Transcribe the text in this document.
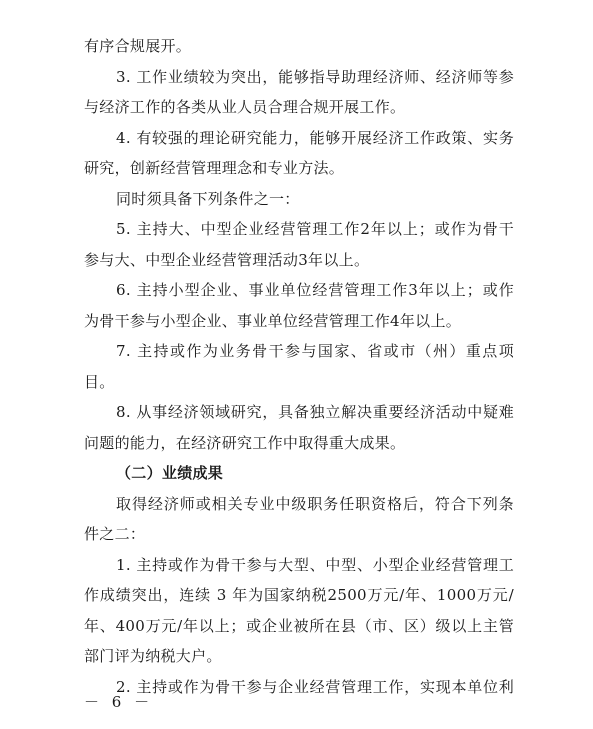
有序合规展开。
3. 工作业绩较为突出，能够指导助理经济师、经济师等参
与经济工作的各类从业人员合理合规开展工作。
4. 有较强的理论研究能力，能够开展经济工作政策、实务
研究，创新经营管理理念和专业方法。
同时须具备下列条件之一：
5. 主持大、中型企业经营管理工作2年以上；或作为骨干
参与大、中型企业经营管理活动3年以上。
6. 主持小型企业、事业单位经营管理工作3年以上；或作
为骨干参与小型企业、事业单位经营管理工作4年以上。
7. 主持或作为业务骨干参与国家、省或市（州）重点项
目。
8. 从事经济领域研究，具备独立解决重要经济活动中疑难
问题的能力，在经济研究工作中取得重大成果。
（二）业绩成果
取得经济师或相关专业中级职务任职资格后，符合下列条
件之二：
1. 主持或作为骨干参与大型、中型、小型企业经营管理工
作成绩突出，连续 3 年为国家纳税2500万元/年、1000万元/
年、400万元/年以上；或企业被所在县（市、区）级以上主管
部门评为纳税大户。
2. 主持或作为骨干参与企业经营管理工作，实现本单位利
－ 6 －
